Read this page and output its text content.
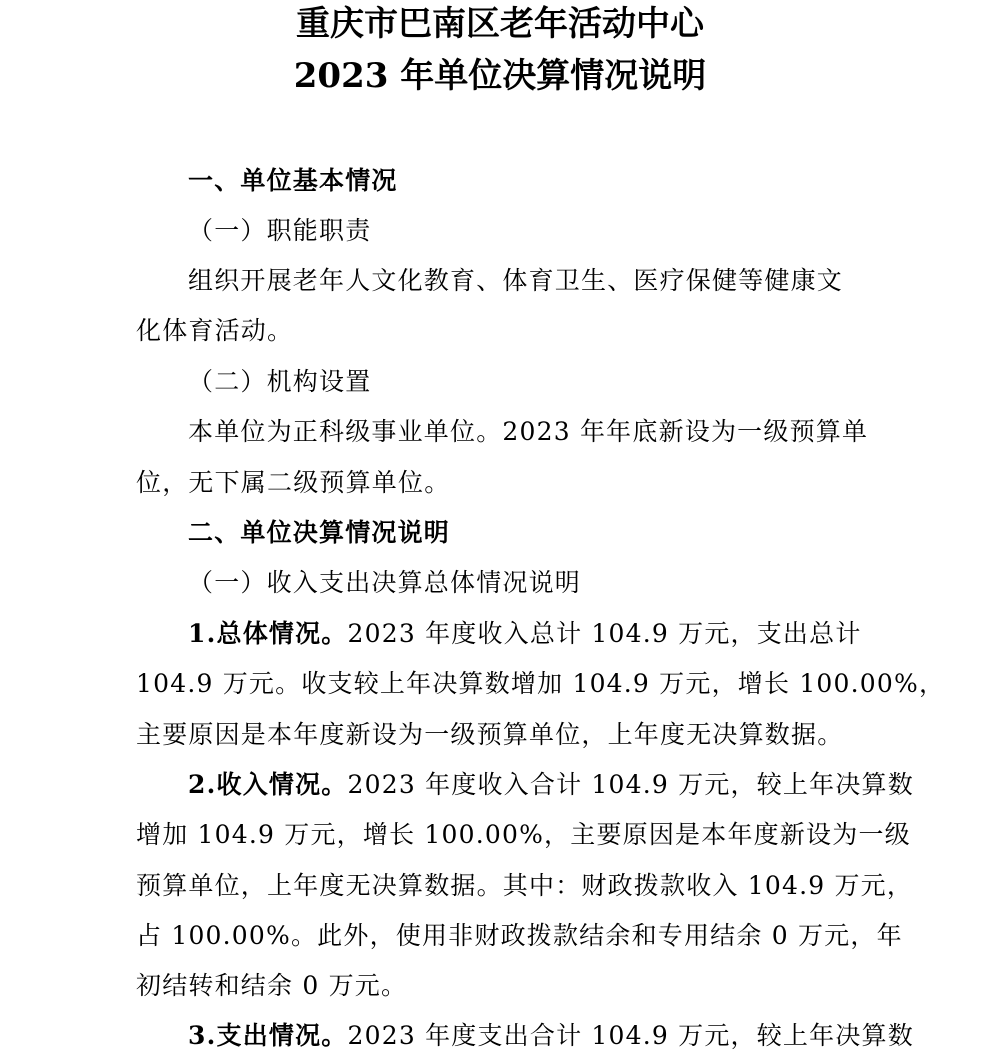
重庆市巴南区老年活动中心
2023 年单位决算情况说明

一、单位基本情况

（一）职能职责

组织开展老年人文化教育、体育卫生、医疗保健等健康文

化体育活动。

（二）机构设置

本单位为正科级事业单位。2023 年年底新设为一级预算单

位，无下属二级预算单位。

二、单位决算情况说明

（一）收入支出决算总体情况说明

1.总体情况。2023 年度收入总计 104.9 万元，支出总计

104.9 万元。收支较上年决算数增加 104.9 万元，增长 100.00%，

主要原因是本年度新设为一级预算单位，上年度无决算数据。

2.收入情况。2023 年度收入合计 104.9 万元，较上年决算数

增加 104.9 万元，增长 100.00%，主要原因是本年度新设为一级

预算单位，上年度无决算数据。其中：财政拨款收入 104.9 万元，

占 100.00%。此外，使用非财政拨款结余和专用结余 0 万元，年

初结转和结余 0 万元。

3.支出情况。2023 年度支出合计 104.9 万元，较上年决算数
